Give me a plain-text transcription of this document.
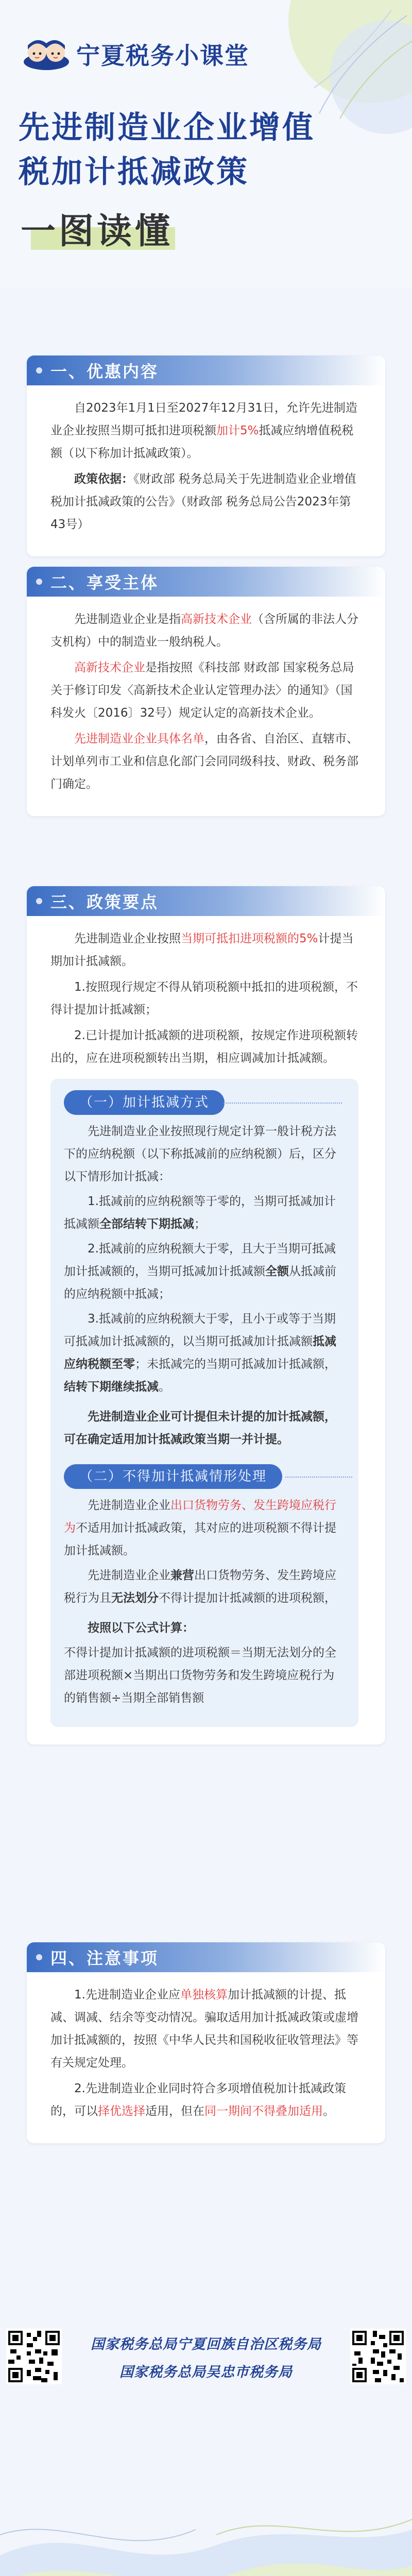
宁夏税务小课堂
先进制造业企业增值
税加计抵减政策
一图读懂
一、优惠内容

自2023年1月1日至2027年12月31日，允许先进制造业企业按照当期可抵扣进项税额加计5%抵减应纳增值税税额（以下称加计抵减政策）。

政策依据：《财政部 税务总局关于先进制造业企业增值税加计抵减政策的公告》（财政部 税务总局公告2023年第43号）

二、享受主体

先进制造业企业是指高新技术企业（含所属的非法人分支机构）中的制造业一般纳税人。

高新技术企业是指按照《科技部 财政部 国家税务总局关于修订印发〈高新技术企业认定管理办法〉的通知》（国科发火〔2016〕32号）规定认定的高新技术企业。

先进制造业企业具体名单，由各省、自治区、直辖市、计划单列市工业和信息化部门会同同级科技、财政、税务部门确定。

三、政策要点

先进制造业企业按照当期可抵扣进项税额的5%计提当期加计抵减额。

1.按照现行规定不得从销项税额中抵扣的进项税额，不得计提加计抵减额；

2.已计提加计抵减额的进项税额，按规定作进项税额转出的，应在进项税额转出当期，相应调减加计抵减额。

（一）加计抵减方式

先进制造业企业按照现行规定计算一般计税方法下的应纳税额（以下称抵减前的应纳税额）后，区分以下情形加计抵减：

1.抵减前的应纳税额等于零的，当期可抵减加计抵减额全部结转下期抵减；

2.抵减前的应纳税额大于零，且大于当期可抵减加计抵减额的，当期可抵减加计抵减额全额从抵减前的应纳税额中抵减；

3.抵减前的应纳税额大于零，且小于或等于当期可抵减加计抵减额的，以当期可抵减加计抵减额抵减应纳税额至零；未抵减完的当期可抵减加计抵减额，结转下期继续抵减。

先进制造业企业可计提但未计提的加计抵减额，可在确定适用加计抵减政策当期一并计提。

（二）不得加计抵减情形处理

先进制造业企业出口货物劳务、发生跨境应税行为不适用加计抵减政策，其对应的进项税额不得计提加计抵减额。

先进制造业企业兼营出口货物劳务、发生跨境应税行为且无法划分不得计提加计抵减额的进项税额，

按照以下公式计算：

不得计提加计抵减额的进项税额＝当期无法划分的全部进项税额×当期出口货物劳务和发生跨境应税行为的销售额÷当期全部销售额

四、注意事项

1.先进制造业企业应单独核算加计抵减额的计提、抵减、调减、结余等变动情况。骗取适用加计抵减政策或虚增加计抵减额的，按照《中华人民共和国税收征收管理法》等有关规定处理。

2.先进制造业企业同时符合多项增值税加计抵减政策的，可以择优选择适用，但在同一期间不得叠加适用。

国家税务总局宁夏回族自治区税务局
国家税务总局吴忠市税务局
